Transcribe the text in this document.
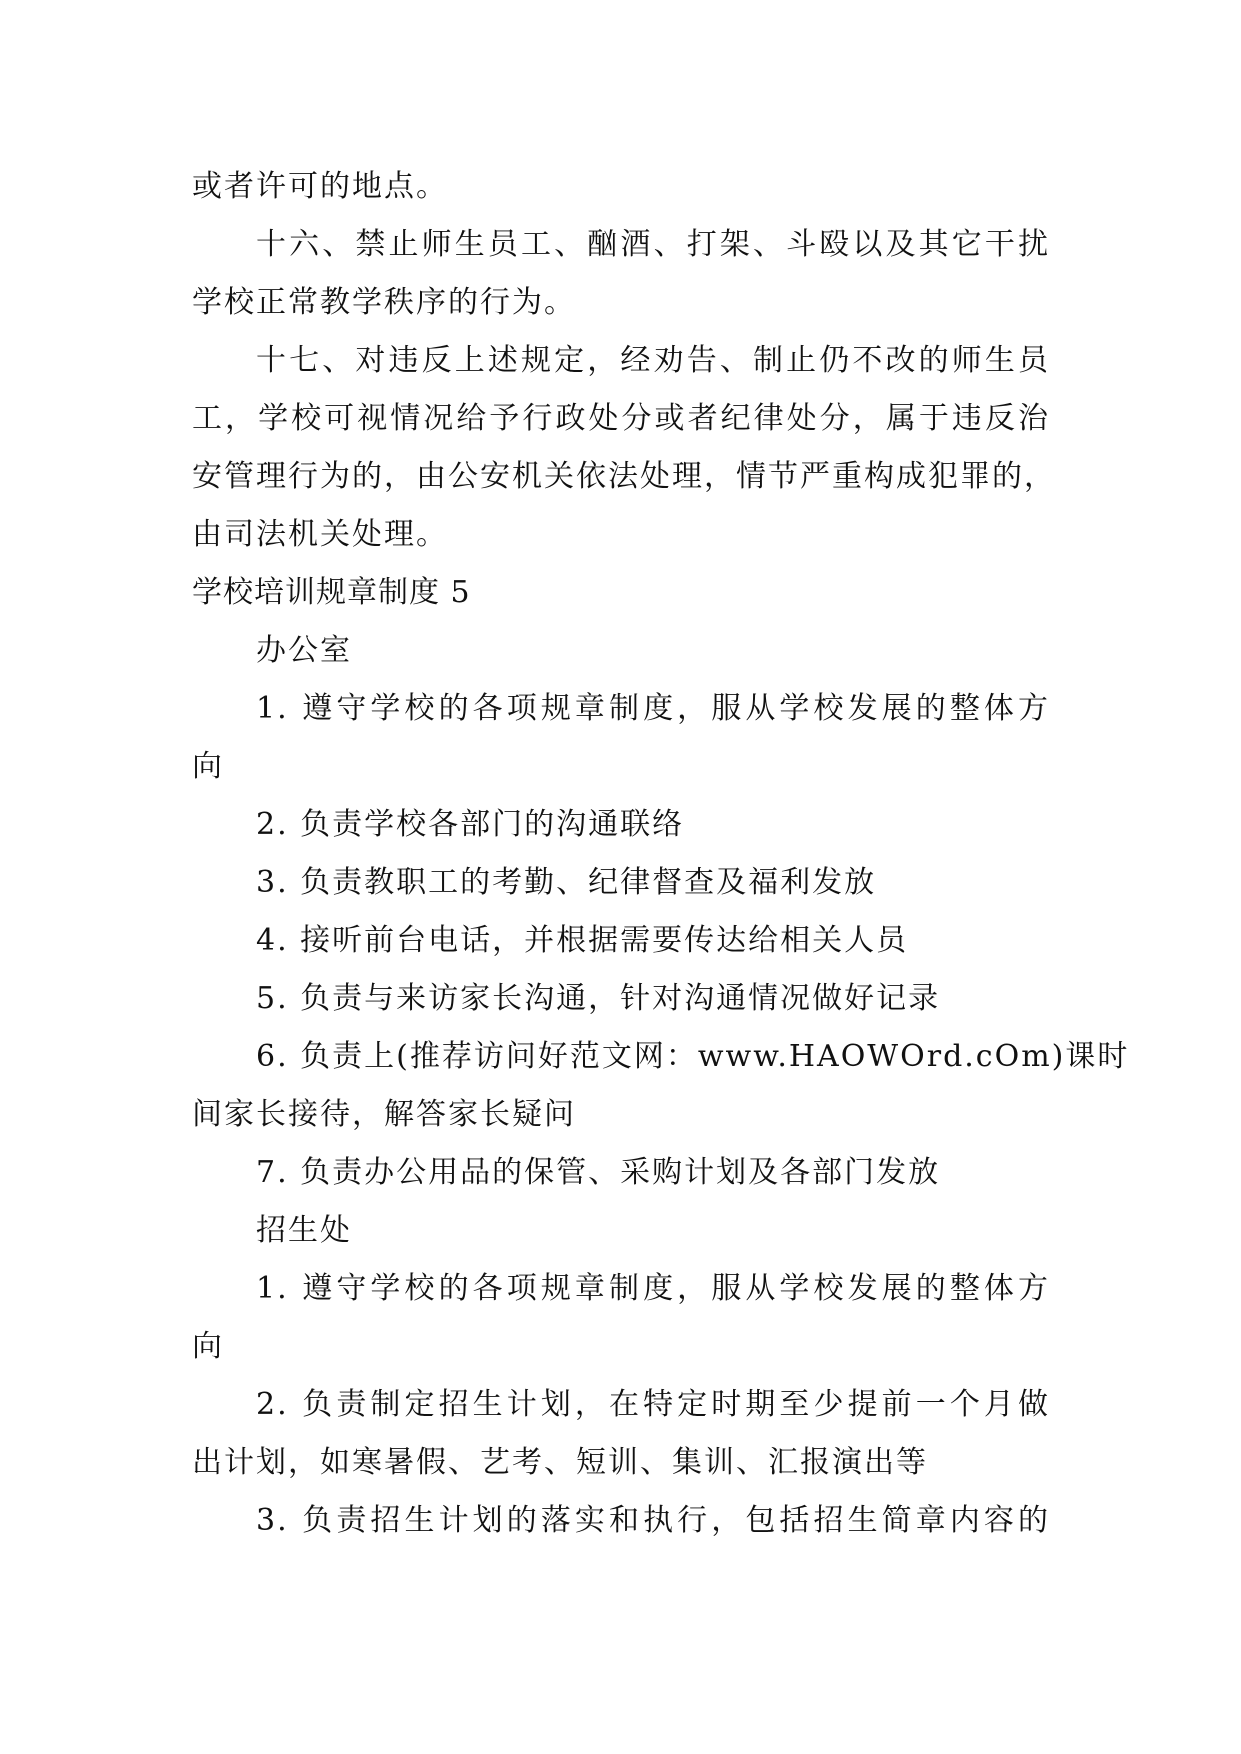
或者许可的地点。
十六、禁止师生员工、酗酒、打架、斗殴以及其它干扰
学校正常教学秩序的行为。
十七、对违反上述规定，经劝告、制止仍不改的师生员
工，学校可视情况给予行政处分或者纪律处分，属于违反治
安管理行为的，由公安机关依法处理，情节严重构成犯罪的，
由司法机关处理。
学校培训规章制度 5
办公室
1. 遵守学校的各项规章制度，服从学校发展的整体方
向
2. 负责学校各部门的沟通联络
3. 负责教职工的考勤、纪律督查及福利发放
4. 接听前台电话，并根据需要传达给相关人员
5. 负责与来访家长沟通，针对沟通情况做好记录
6. 负责上(推荐访问好范文网：www.HAOWOrd.cOm)课时
间家长接待，解答家长疑问
7. 负责办公用品的保管、采购计划及各部门发放
招生处
1. 遵守学校的各项规章制度，服从学校发展的整体方
向
2. 负责制定招生计划，在特定时期至少提前一个月做
出计划，如寒暑假、艺考、短训、集训、汇报演出等
3. 负责招生计划的落实和执行，包括招生简章内容的
